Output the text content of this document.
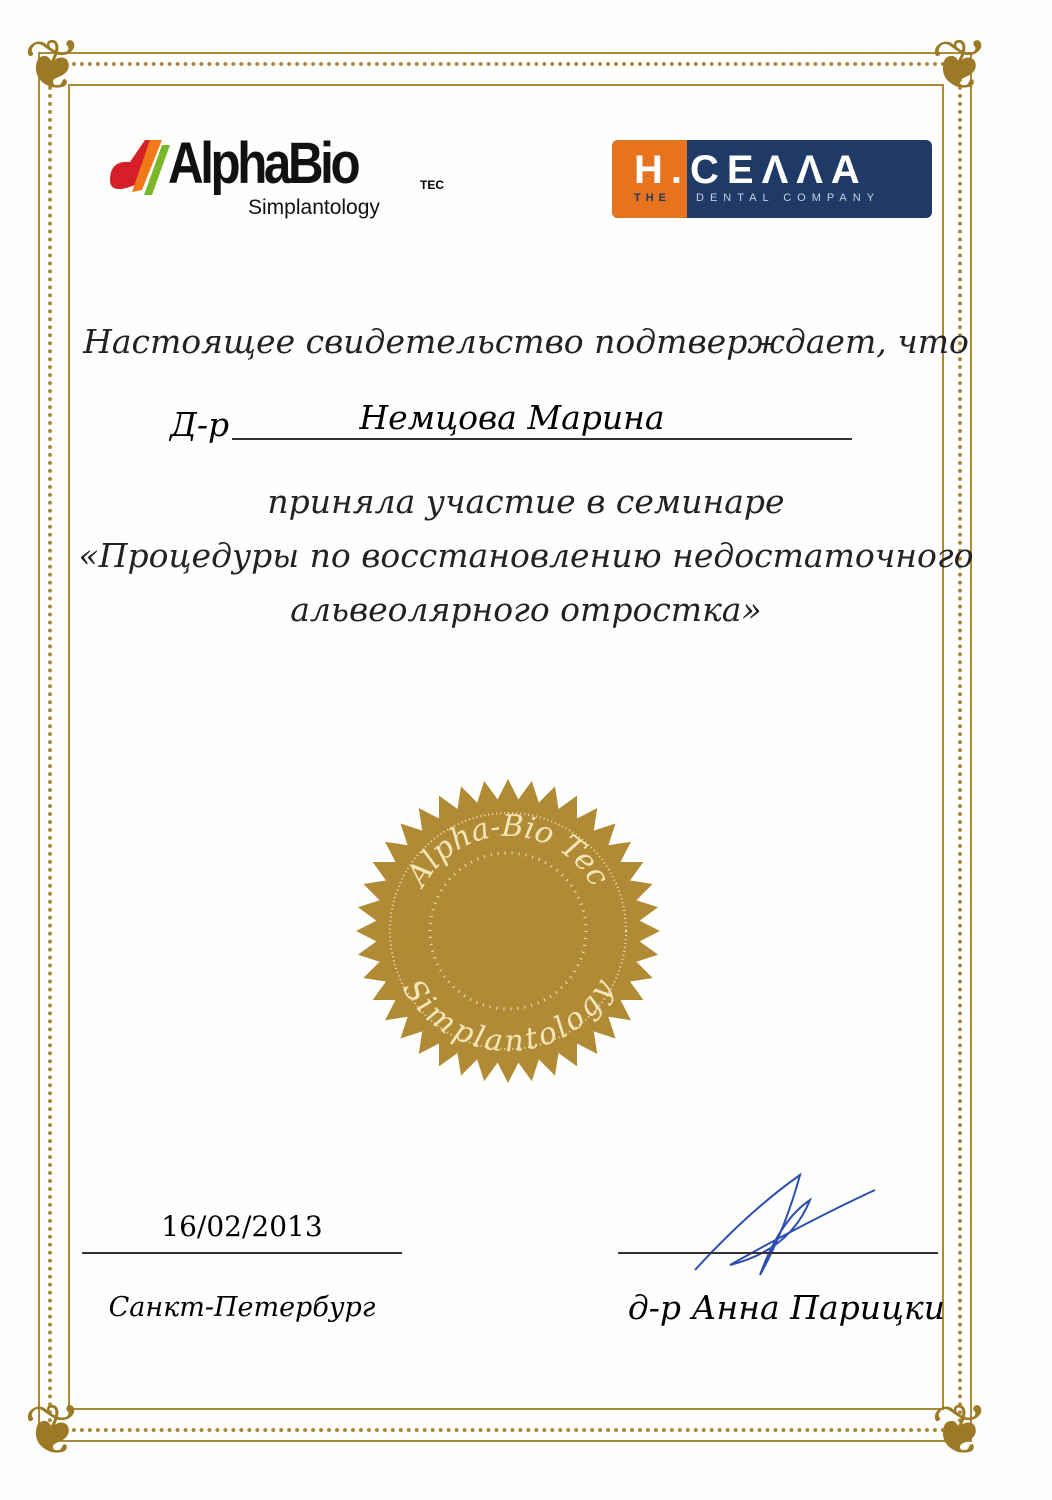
❦	❦
❦	❦
AlphaBio	TEC
Simplantology
H.CEΛΛA
THE DENTAL COMPANY
Настоящее свидетельство подтверждает, что
Д-р	Немцова Марина
приняла участие в семинаре
«Процедуры по восстановлению недостаточного
альвеолярного отростка»
Alpha-Bio Tec
Simplantology
16/02/2013
Санкт-Петербург	д-р Анна Парицки
